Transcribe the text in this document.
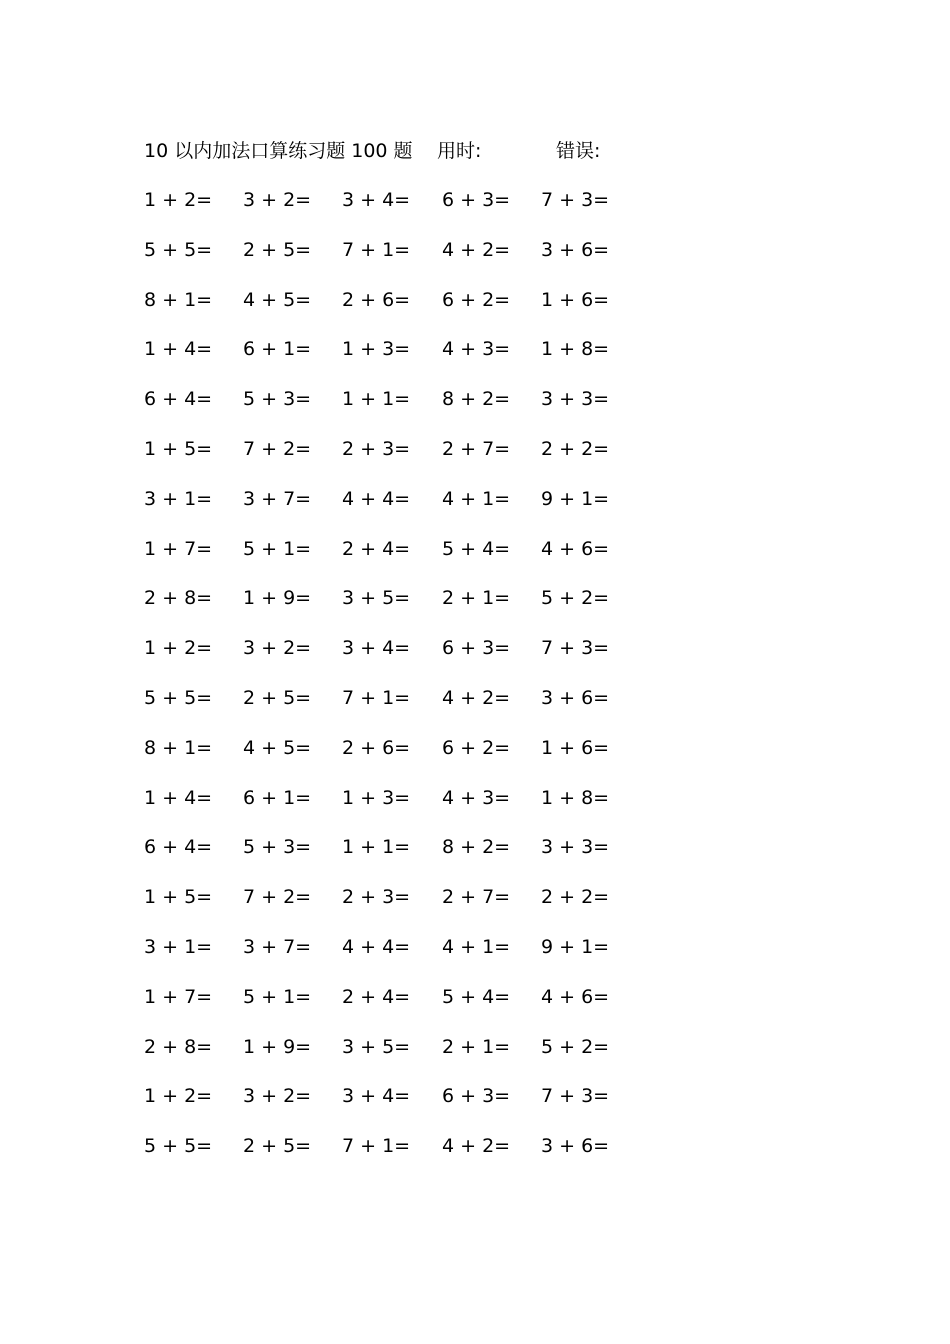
10 以内加法口算练习题 100 题 用时:	错误:
1 + 2= 3 + 2= 3 + 4= 6 + 3= 7 + 3=
5 + 5= 2 + 5= 7 + 1= 4 + 2= 3 + 6=
8 + 1= 4 + 5= 2 + 6= 6 + 2= 1 + 6=
1 + 4= 6 + 1= 1 + 3= 4 + 3= 1 + 8=
6 + 4= 5 + 3= 1 + 1= 8 + 2= 3 + 3=
1 + 5= 7 + 2= 2 + 3= 2 + 7= 2 + 2=
3 + 1= 3 + 7= 4 + 4= 4 + 1= 9 + 1=
1 + 7= 5 + 1= 2 + 4= 5 + 4= 4 + 6=
2 + 8= 1 + 9= 3 + 5= 2 + 1= 5 + 2=
1 + 2= 3 + 2= 3 + 4= 6 + 3= 7 + 3=
5 + 5= 2 + 5= 7 + 1= 4 + 2= 3 + 6=
8 + 1= 4 + 5= 2 + 6= 6 + 2= 1 + 6=
1 + 4= 6 + 1= 1 + 3= 4 + 3= 1 + 8=
6 + 4= 5 + 3= 1 + 1= 8 + 2= 3 + 3=
1 + 5= 7 + 2= 2 + 3= 2 + 7= 2 + 2=
3 + 1= 3 + 7= 4 + 4= 4 + 1= 9 + 1=
1 + 7= 5 + 1= 2 + 4= 5 + 4= 4 + 6=
2 + 8= 1 + 9= 3 + 5= 2 + 1= 5 + 2=
1 + 2= 3 + 2= 3 + 4= 6 + 3= 7 + 3=
5 + 5= 2 + 5= 7 + 1= 4 + 2= 3 + 6=
